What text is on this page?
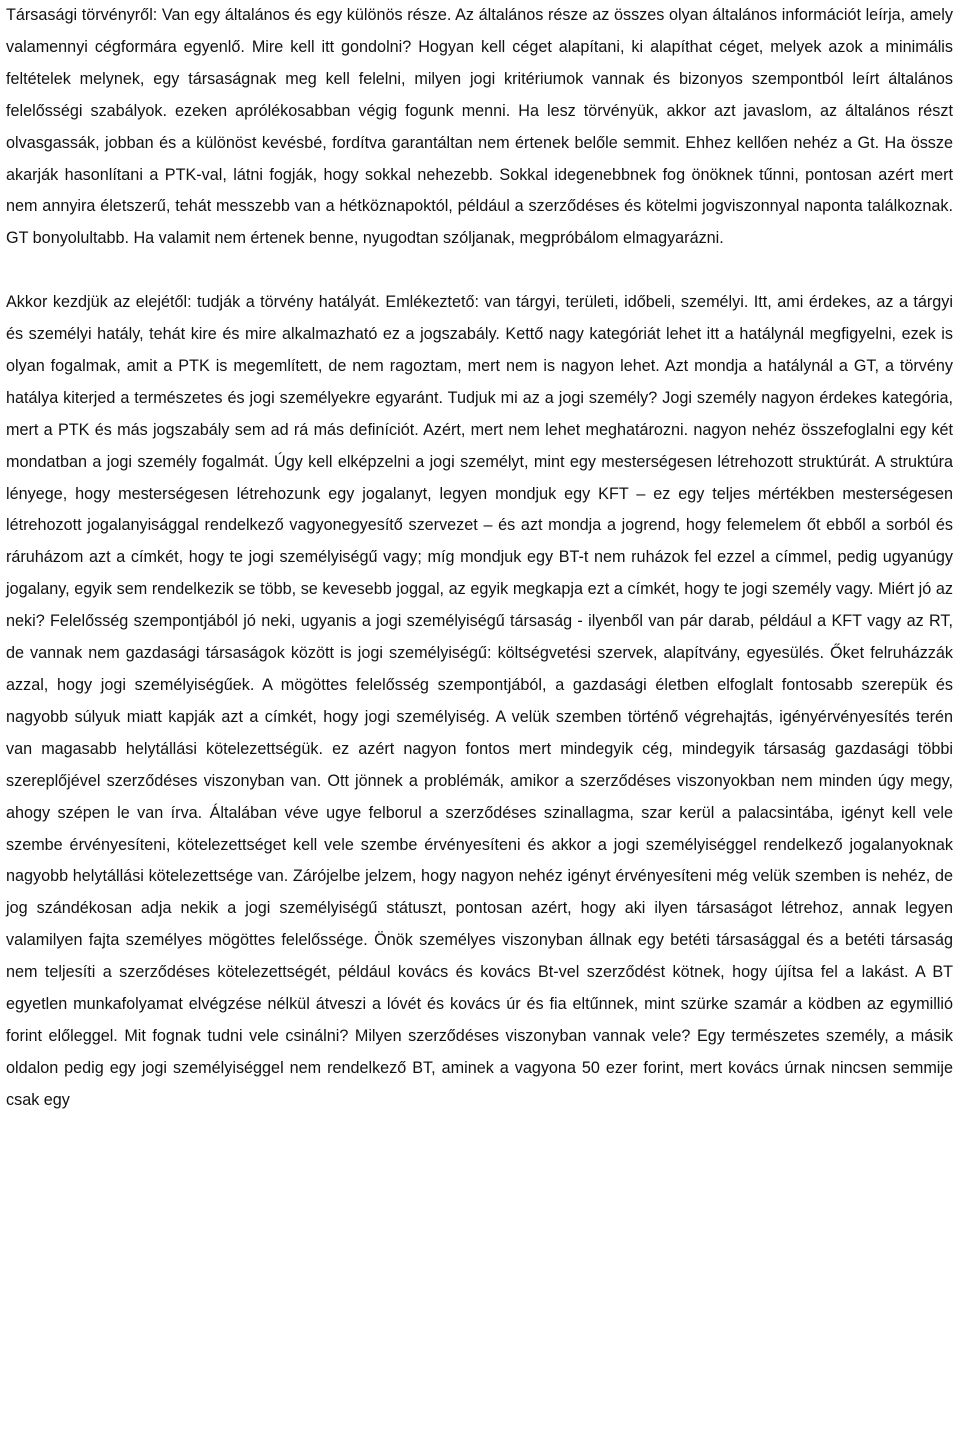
Társasági törvényről: Van egy általános és egy különös része. Az általános része az összes olyan általános információt leírja, amely valamennyi cégformára egyenlő. Mire kell itt gondolni? Hogyan kell céget alapítani, ki alapíthat céget, melyek azok a minimális feltételek melynek, egy társaságnak meg kell felelni, milyen jogi kritériumok vannak és bizonyos szempontból leírt általános felelősségi szabályok. ezeken aprólékosabban végig fogunk menni. Ha lesz törvényük, akkor azt javaslom, az általános részt olvasgassák, jobban és a különöst kevésbé, fordítva garantáltan nem értenek belőle semmit. Ehhez kellően nehéz a Gt. Ha össze akarják hasonlítani a PTK-val, látni fogják, hogy sokkal nehezebb. Sokkal idegenebbnek fog önöknek tűnni, pontosan azért mert nem annyira életszerű, tehát messzebb van a hétköznapoktól, például a szerződéses és kötelmi jogviszonnyal naponta találkoznak. GT bonyolultabb. Ha valamit nem értenek benne, nyugodtan szóljanak, megpróbálom elmagyarázni.

Akkor kezdjük az elejétől: tudják a törvény hatályát. Emlékeztető: van tárgyi, területi, időbeli, személyi. Itt, ami érdekes, az a tárgyi és személyi hatály, tehát kire és mire alkalmazható ez a jogszabály. Kettő nagy kategóriát lehet itt a hatálynál megfigyelni, ezek is olyan fogalmak, amit a PTK is megemlített, de nem ragoztam, mert nem is nagyon lehet. Azt mondja a hatálynál a GT, a törvény hatálya kiterjed a természetes és jogi személyekre egyaránt. Tudjuk mi az a jogi személy? Jogi személy nagyon érdekes kategória, mert a PTK és más jogszabály sem ad rá más definíciót. Azért, mert nem lehet meghatározni. nagyon nehéz összefoglalni egy két mondatban a jogi személy fogalmát. Úgy kell elképzelni a jogi személyt, mint egy mesterségesen létrehozott struktúrát. A struktúra lényege, hogy mesterségesen létrehozunk egy jogalanyt, legyen mondjuk egy KFT – ez egy teljes mértékben mesterségesen létrehozott jogalanyisággal rendelkező vagyonegyesítő szervezet – és azt mondja a jogrend, hogy felemelem őt ebből a sorból és ráruházom azt a címkét, hogy te jogi személyiségű vagy; míg mondjuk egy BT-t nem ruházok fel ezzel a címmel, pedig ugyanúgy jogalany, egyik sem rendelkezik se több, se kevesebb joggal, az egyik megkapja ezt a címkét, hogy te jogi személy vagy. Miért jó az neki? Felelősség szempontjából jó neki, ugyanis a jogi személyiségű társaság - ilyenből van pár darab, például a KFT vagy az RT, de vannak nem gazdasági társaságok között is jogi személyiségű: költségvetési szervek, alapítvány, egyesülés. Őket felruházzák azzal, hogy jogi személyiségűek. A mögöttes felelősség szempontjából, a gazdasági életben elfoglalt fontosabb szerepük és nagyobb súlyuk miatt kapják azt a címkét, hogy jogi személyiség. A velük szemben történő végrehajtás, igényérvényesítés terén van magasabb helytállási kötelezettségük. ez azért nagyon fontos mert mindegyik cég, mindegyik társaság gazdasági többi szereplőjével szerződéses viszonyban van. Ott jönnek a problémák, amikor a szerződéses viszonyokban nem minden úgy megy, ahogy szépen le van írva. Általában véve ugye felborul a szerződéses szinallagma, szar kerül a palacsintába, igényt kell vele szembe érvényesíteni, kötelezettséget kell vele szembe érvényesíteni és akkor a jogi személyiséggel rendelkező jogalanyoknak nagyobb helytállási kötelezettsége van. Zárójelbe jelzem, hogy nagyon nehéz igényt érvényesíteni még velük szemben is nehéz, de jog szándékosan adja nekik a jogi személyiségű státuszt, pontosan azért, hogy aki ilyen társaságot létrehoz, annak legyen valamilyen fajta személyes mögöttes felelőssége. Önök személyes viszonyban állnak egy betéti társasággal és a betéti társaság nem teljesíti a szerződéses kötelezettségét, például kovács és kovács Bt-vel szerződést kötnek, hogy újítsa fel a lakást. A BT egyetlen munkafolyamat elvégzése nélkül átveszi a lóvét és kovács úr és fia eltűnnek, mint szürke szamár a ködben az egymillió forint előleggel. Mit fognak tudni vele csinálni? Milyen szerződéses viszonyban vannak vele? Egy természetes személy, a másik oldalon pedig egy jogi személyiséggel nem rendelkező BT, aminek a vagyona 50 ezer forint, mert kovács úrnak nincsen semmije csak egy
